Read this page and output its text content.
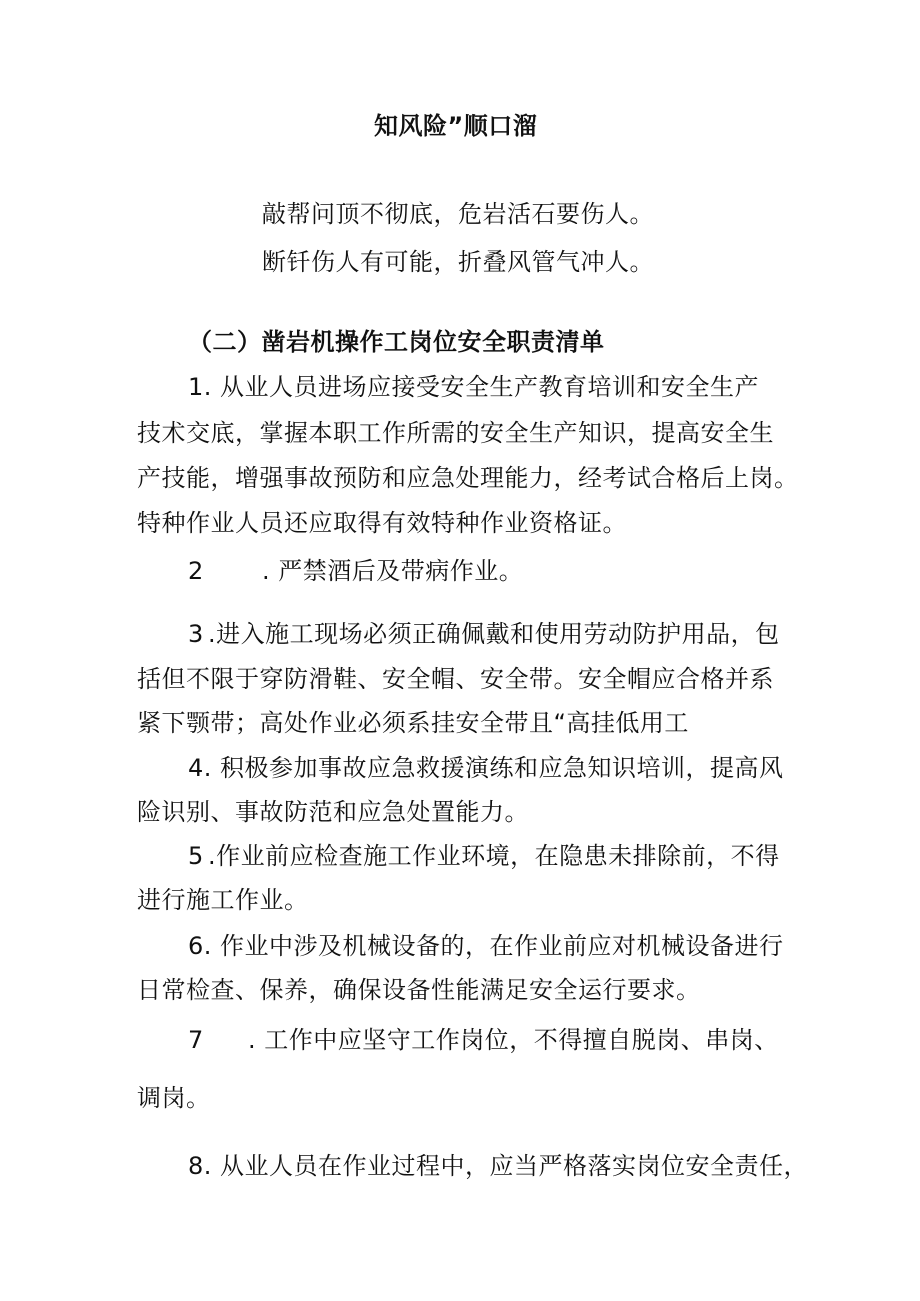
知风险”顺口溜
敲帮问顶不彻底，危岩活石要伤人。
断钎伤人有可能，折叠风管气冲人。
（二）凿岩机操作工岗位安全职责清单
1. 从业人员进场应接受安全生产教育培训和安全生产
技术交底，掌握本职工作所需的安全生产知识，提高安全生
产技能，增强事故预防和应急处理能力，经考试合格后上岗。
特种作业人员还应取得有效特种作业资格证。
2 . 严禁酒后及带病作业。
3 .进入施工现场必须正确佩戴和使用劳动防护用品，包
括但不限于穿防滑鞋、安全帽、安全带。安全帽应合格并系
紧下颚带；高处作业必须系挂安全带且“高挂低用工
4. 积极参加事故应急救援演练和应急知识培训，提高风
险识别、事故防范和应急处置能力。
5 .作业前应检查施工作业环境，在隐患未排除前，不得
进行施工作业。
6. 作业中涉及机械设备的，在作业前应对机械设备进行
日常检查、保养，确保设备性能满足安全运行要求。
7 . 工作中应坚守工作岗位，不得擅自脱岗、串岗、
调岗。
8. 从业人员在作业过程中，应当严格落实岗位安全责任，
